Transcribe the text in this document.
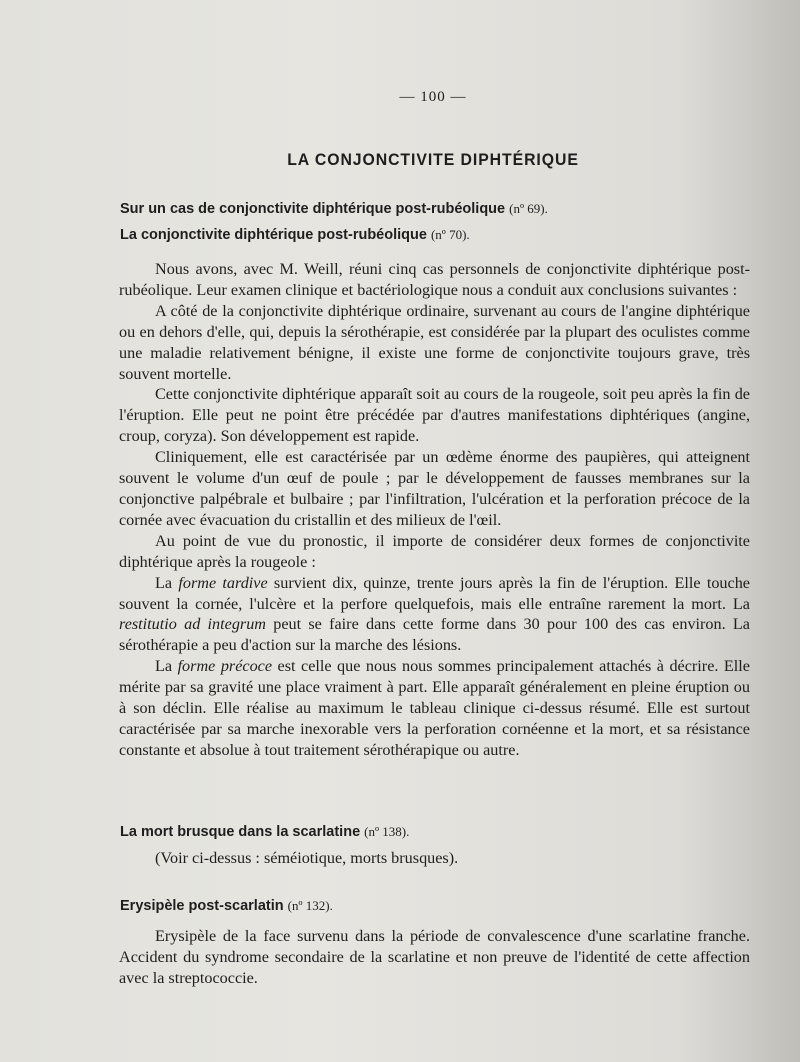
— 100 —
LA CONJONCTIVITE DIPHTÉRIQUE
Sur un cas de conjonctivite diphtérique post-rubéolique (nº 69).
La conjonctivite diphtérique post-rubéolique (nº 70).

Nous avons, avec M. Weill, réuni cinq cas personnels de conjonctivite diphtérique post-rubéolique. Leur examen clinique et bactériologique nous a conduit aux conclusions suivantes :

A côté de la conjonctivite diphtérique ordinaire, survenant au cours de l'angine diphtérique ou en dehors d'elle, qui, depuis la sérothérapie, est considérée par la plupart des oculistes comme une maladie relativement bénigne, il existe une forme de conjonctivite toujours grave, très souvent mortelle.

Cette conjonctivite diphtérique apparaît soit au cours de la rougeole, soit peu après la fin de l'éruption. Elle peut ne point être précédée par d'autres manifestations diphtériques (angine, croup, coryza). Son développement est rapide.

Cliniquement, elle est caractérisée par un œdème énorme des paupières, qui atteignent souvent le volume d'un œuf de poule ; par le développement de fausses membranes sur la conjonctive palpébrale et bulbaire ; par l'infiltration, l'ulcération et la perforation précoce de la cornée avec évacuation du cristallin et des milieux de l'œil.

Au point de vue du pronostic, il importe de considérer deux formes de conjonctivite diphtérique après la rougeole :

La forme tardive survient dix, quinze, trente jours après la fin de l'éruption. Elle touche souvent la cornée, l'ulcère et la perfore quelquefois, mais elle entraîne rarement la mort. La restitutio ad integrum peut se faire dans cette forme dans 30 pour 100 des cas environ. La sérothérapie a peu d'action sur la marche des lésions.

La forme précoce est celle que nous nous sommes principalement attachés à décrire. Elle mérite par sa gravité une place vraiment à part. Elle apparaît généralement en pleine éruption ou à son déclin. Elle réalise au maximum le tableau clinique ci-dessus résumé. Elle est surtout caractérisée par sa marche inexorable vers la perforation cornéenne et la mort, et sa résistance constante et absolue à tout traitement sérothérapique ou autre.

La mort brusque dans la scarlatine (nº 138).

(Voir ci-dessus : séméiotique, morts brusques).

Erysipèle post-scarlatin (nº 132).

Erysipèle de la face survenu dans la période de convalescence d'une scarlatine franche. Accident du syndrome secondaire de la scarlatine et non preuve de l'identité de cette affection avec la streptococcie.
